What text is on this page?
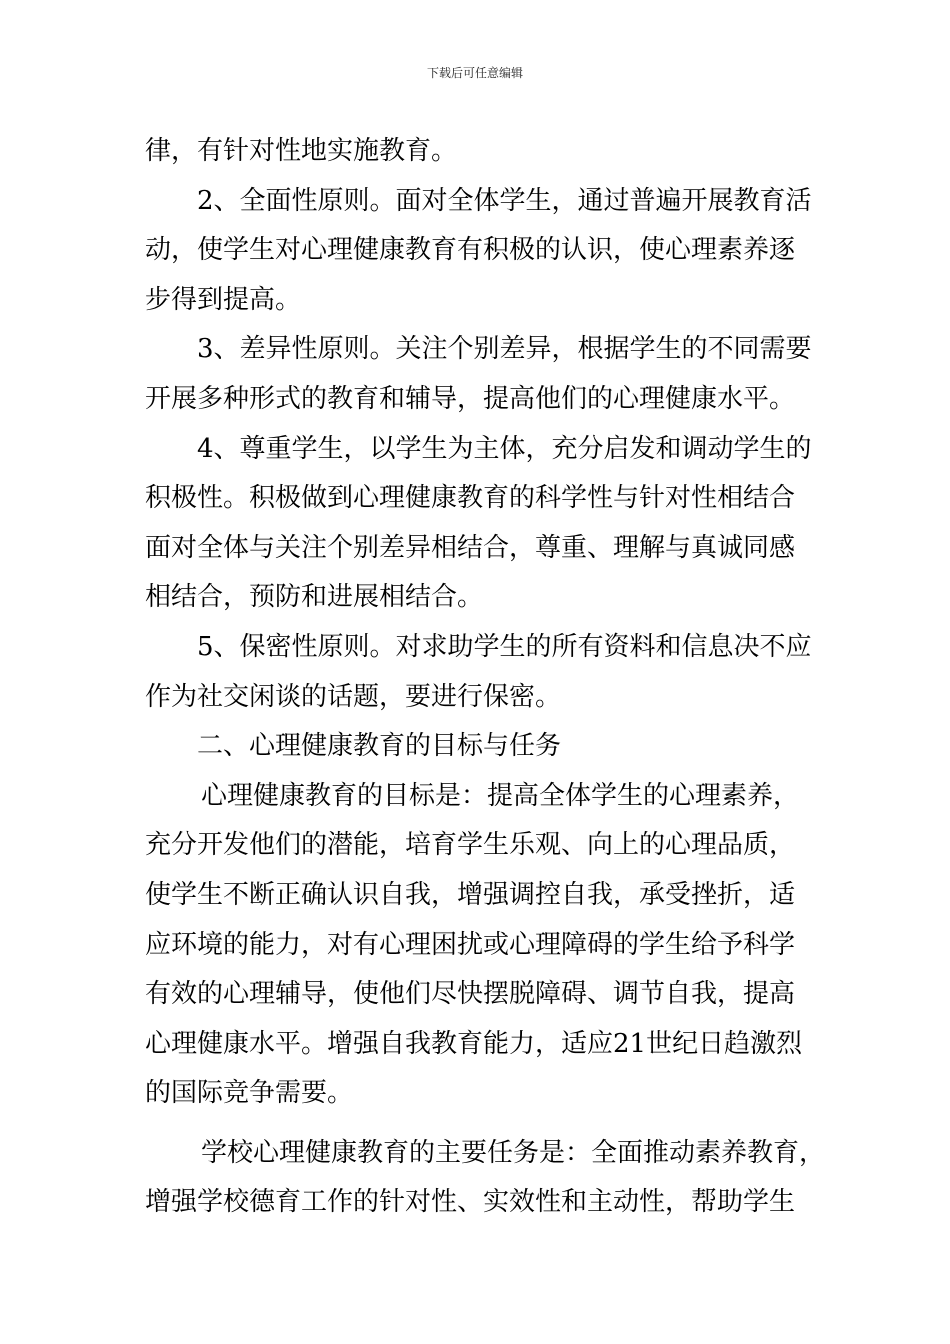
下载后可任意编辑
律，有针对性地实施教育。
2、全面性原则。面对全体学生，通过普遍开展教育活
动，使学生对心理健康教育有积极的认识，使心理素养逐
步得到提高。
3、差异性原则。关注个别差异，根据学生的不同需要
开展多种形式的教育和辅导，提高他们的心理健康水平。
4、尊重学生，以学生为主体，充分启发和调动学生的
积极性。积极做到心理健康教育的科学性与针对性相结合
面对全体与关注个别差异相结合，尊重、理解与真诚同感
相结合，预防和进展相结合。
5、保密性原则。对求助学生的所有资料和信息决不应
作为社交闲谈的话题，要进行保密。
二、心理健康教育的目标与任务
心理健康教育的目标是：提高全体学生的心理素养，
充分开发他们的潜能，培育学生乐观、向上的心理品质，
使学生不断正确认识自我，增强调控自我，承受挫折，适
应环境的能力，对有心理困扰或心理障碍的学生给予科学
有效的心理辅导，使他们尽快摆脱障碍、调节自我，提高
心理健康水平。增强自我教育能力，适应21世纪日趋激烈
的国际竞争需要。
学校心理健康教育的主要任务是：全面推动素养教育，
增强学校德育工作的针对性、实效性和主动性，帮助学生
